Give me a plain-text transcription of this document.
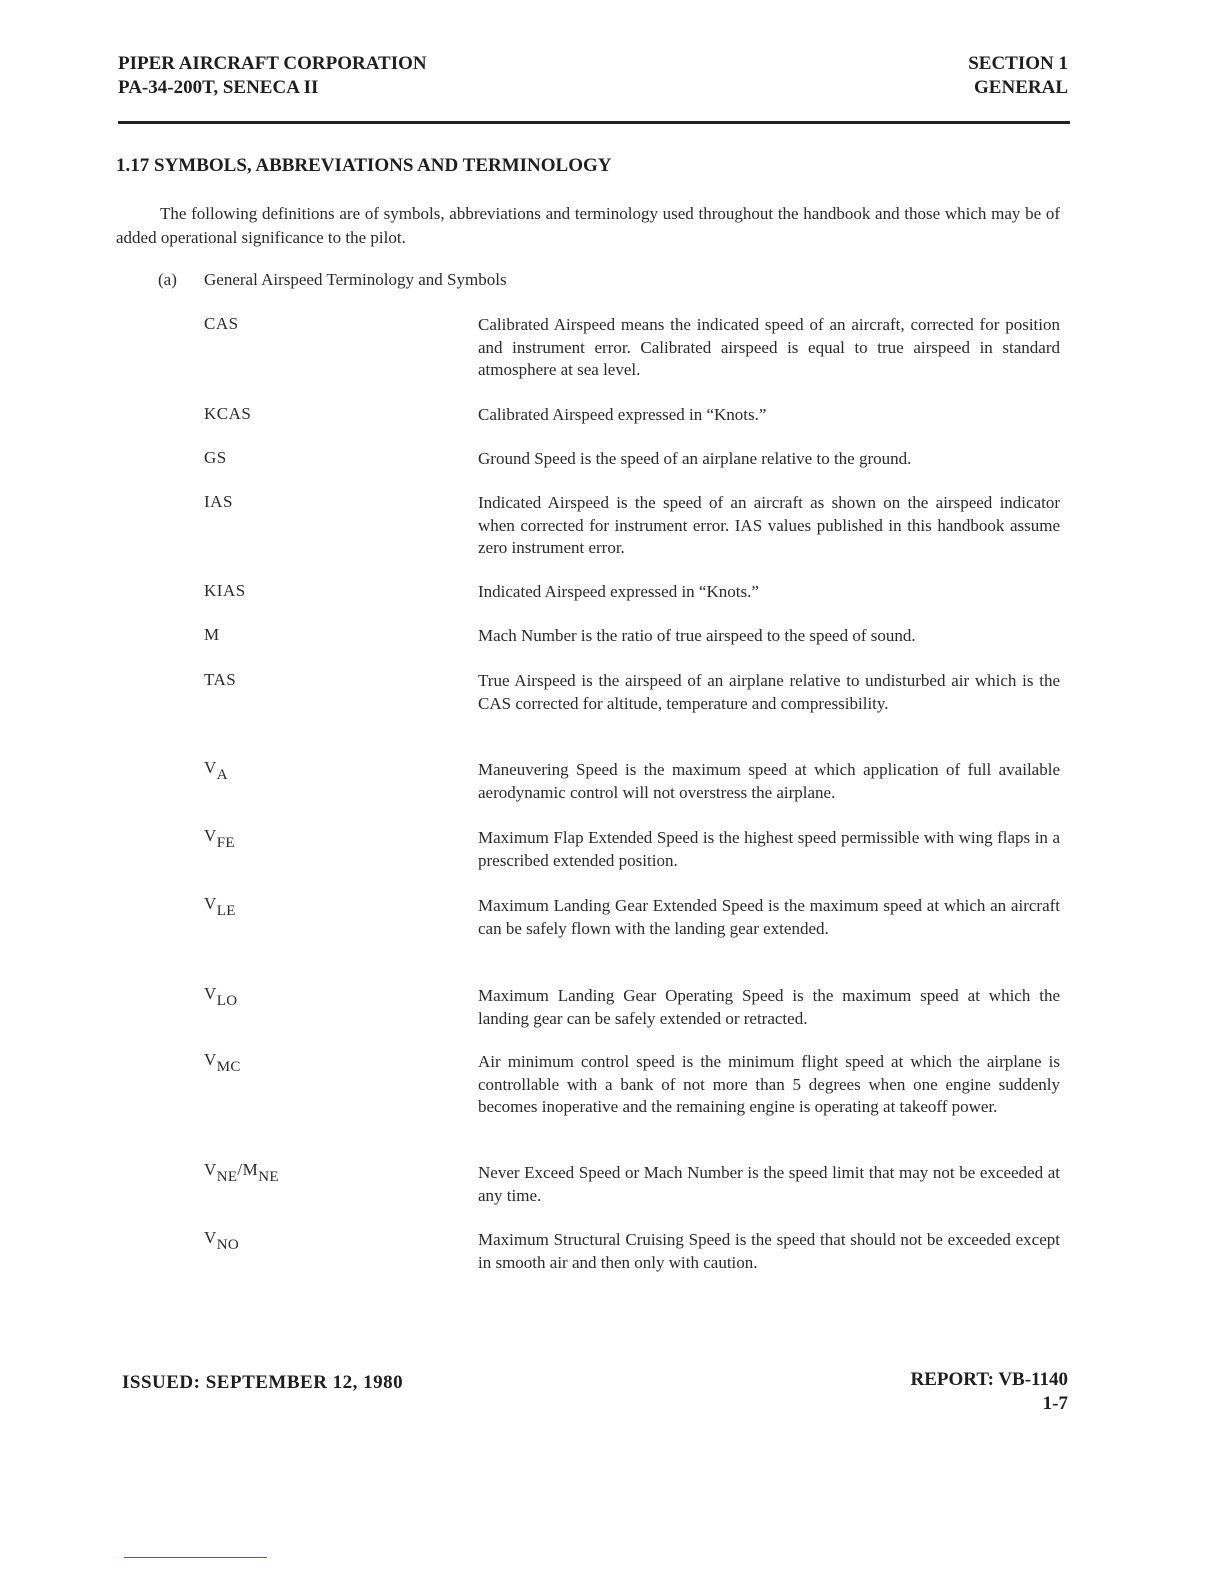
PIPER AIRCRAFT CORPORATION
PA-34-200T, SENECA II
SECTION 1
GENERAL
1.17 SYMBOLS, ABBREVIATIONS AND TERMINOLOGY
The following definitions are of symbols, abbreviations and terminology used throughout the handbook and those which may be of added operational significance to the pilot.
(a) General Airspeed Terminology and Symbols
CAS	Calibrated Airspeed means the indicated speed of an aircraft, corrected for position and instrument error. Calibrated airspeed is equal to true airspeed in standard atmosphere at sea level.
KCAS	Calibrated Airspeed expressed in “Knots.”
GS	Ground Speed is the speed of an airplane relative to the ground.
IAS	Indicated Airspeed is the speed of an aircraft as shown on the airspeed indicator when corrected for instrument error. IAS values published in this handbook assume zero instrument error.
KIAS	Indicated Airspeed expressed in “Knots.”
M	Mach Number is the ratio of true airspeed to the speed of sound.
TAS	True Airspeed is the airspeed of an airplane relative to undisturbed air which is the CAS corrected for altitude, temperature and compressibility.
$V_A$	Maneuvering Speed is the maximum speed at which application of full available aerodynamic control will not overstress the airplane.
$V_{FE}$	Maximum Flap Extended Speed is the highest speed permissible with wing flaps in a prescribed extended position.
$V_{LE}$	Maximum Landing Gear Extended Speed is the maximum speed at which an aircraft can be safely flown with the landing gear extended.
$V_{LO}$	Maximum Landing Gear Operating Speed is the maximum speed at which the landing gear can be safely extended or retracted.
$V_{MC}$	Air minimum control speed is the minimum flight speed at which the airplane is controllable with a bank of not more than 5 degrees when one engine suddenly becomes inoperative and the remaining engine is operating at takeoff power.
$V_{NE}/M_{NE}$	Never Exceed Speed or Mach Number is the speed limit that may not be exceeded at any time.
$V_{NO}$	Maximum Structural Cruising Speed is the speed that should not be exceeded except in smooth air and then only with caution.
ISSUED: SEPTEMBER 12, 1980	REPORT: VB-1140
1-7
